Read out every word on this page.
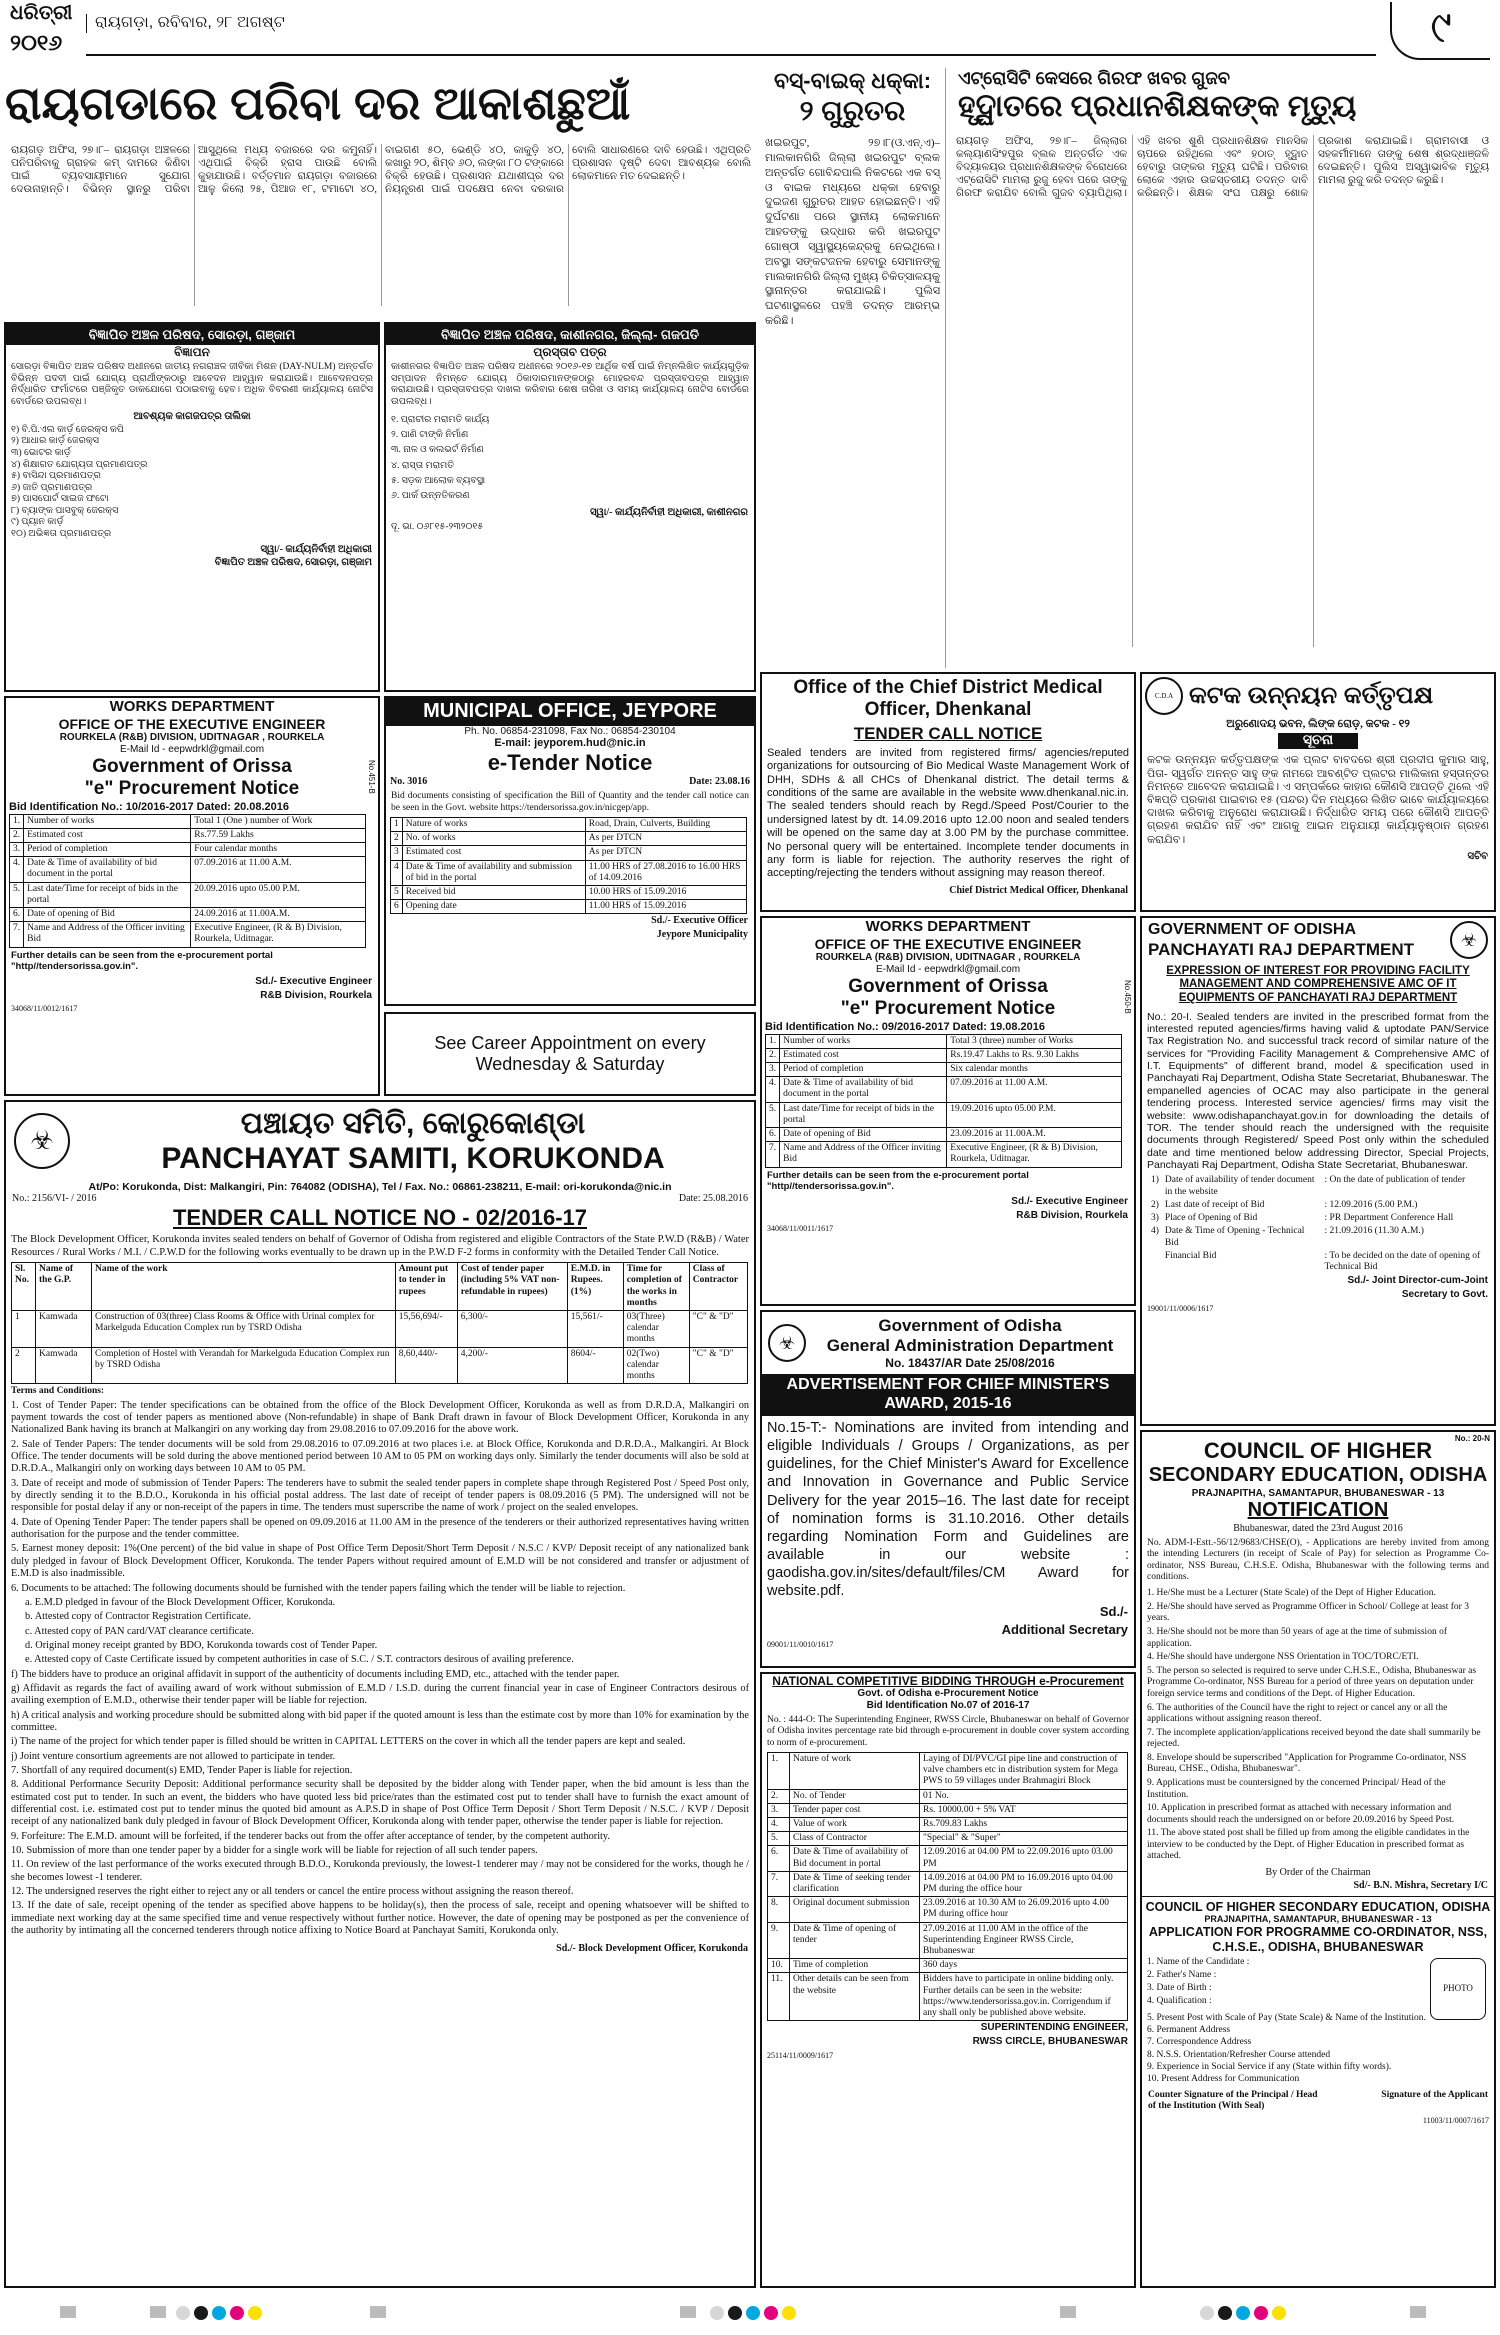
ଧରିତ୍ରୀ
୨୦୧୬
ରାୟଗଡ଼ା, ରବିବାର, ୨୮ ଅଗଷ୍ଟ	୯
ରାୟଗଡାରେ ପରିବା ଦର ଆକାଶଛୁଆଁ
ରାୟଗଡ଼ ଅଫିସ, ୨୭।୮– ରାୟଗଡ଼ା ଅଞ୍ଚଳରେ ପନିପରିବାକୁ ଗ୍ରାହକ କମ୍ ଦାମରେ କିଣିବା ପାଇଁ ବ୍ୟବସାୟୀମାନେ ସୁଯୋଗ ଦେଉନାହାନ୍ତି। ବିଭିନ୍ନ ସ୍ଥାନରୁ ପରିବା ଆସୁଥିଲେ ମଧ୍ୟ ବଜାରରେ ଦର କମୁନାହିଁ। ଏଥିପାଇଁ ବିକ୍ରି ହ୍ରାସ ପାଉଛି ବୋଲି କୁହାଯାଉଛି। ବର୍ତ୍ତମାନ ରାୟଗଡ଼ା ବଜାରରେ ଆଳୁ କିଲୋ ୨୫, ପିଆଜ ୧୮, ଟମାଟୋ ୪୦, ବାଇଗଣ ୫୦, ଭେଣ୍ଡି ୪୦, କାକୁଡ଼ି ୪୦, କଖାରୁ ୨୦, ଶିମ୍ବ ୬୦, ଲଙ୍କା ୮୦ ଟଙ୍କାରେ ବିକ୍ରି ହେଉଛି। ପ୍ରଶାସନ ଯଥାଶୀଘ୍ର ଦର ନିୟନ୍ତ୍ରଣ ପାଇଁ ପଦକ୍ଷେପ ନେବା ଦରକାର ବୋଲି ସାଧାରଣରେ ଦାବି ହେଉଛି। ଏଥିପ୍ରତି ପ୍ରଶାସନ ଦୃଷ୍ଟି ଦେବା ଆବଶ୍ୟକ ବୋଲି ଲୋକମାନେ ମତ ଦେଇଛନ୍ତି।
ବସ୍-ବାଇକ୍ ଧକ୍କା:
୨ ଗୁରୁତର
ଖଇରପୁଟ, ୨୭।୮(ଓ.ଏନ୍.ଏ)– ମାଲକାନଗିରି ଜିଲ୍ଲା ଖଇରପୁଟ ବ୍ଲକ ଅନ୍ତର୍ଗତ ଗୋବିନ୍ଦପାଲି ନିକଟରେ ଏକ ବସ୍ ଓ ବାଇକ ମଧ୍ୟରେ ଧକ୍କା ହେବାରୁ ଦୁଇଜଣ ଗୁରୁତର ଆହତ ହୋଇଛନ୍ତି। ଏହି ଦୁର୍ଘଟଣା ପରେ ସ୍ଥାନୀୟ ଲୋକମାନେ ଆହତଙ୍କୁ ଉଦ୍ଧାର କରି ଖଇରପୁଟ ଗୋଷ୍ଠୀ ସ୍ୱାସ୍ଥ୍ୟକେନ୍ଦ୍ରକୁ ନେଇଥିଲେ। ଅବସ୍ଥା ସଙ୍କଟଜନକ ହେବାରୁ ସେମାନଙ୍କୁ ମାଲକାନଗିରି ଜିଲ୍ଲା ମୁଖ୍ୟ ଚିକିତ୍ସାଳୟକୁ ସ୍ଥାନାନ୍ତର କରାଯାଇଛି। ପୁଲିସ ଘଟଣାସ୍ଥଳରେ ପହଞ୍ଚି ତଦନ୍ତ ଆରମ୍ଭ କରିଛି।
ଏଟ୍ରୋସିଟି କେସରେ ଗିରଫ ଖବର ଗୁଜବ
ହୃଦ୍ଘାତରେ ପ୍ରଧାନଶିକ୍ଷକଙ୍କ ମୃତ୍ୟୁ
ରାୟଗଡ଼ ଅଫିସ, ୨୭।୮– ଜିଲ୍ଲାର କଲ୍ୟାଣସିଂହପୁର ବ୍ଲକ ଅନ୍ତର୍ଗତ ଏକ ବିଦ୍ୟାଳୟର ପ୍ରଧାନଶିକ୍ଷକଙ୍କ ବିରୋଧରେ ଏଟ୍ରୋସିଟି ମାମଲା ରୁଜୁ ହେବା ପରେ ତାଙ୍କୁ ଗିରଫ କରାଯିବ ବୋଲି ଗୁଜବ ବ୍ୟାପିଥିଲା। ଏହି ଖବର ଶୁଣି ପ୍ରଧାନଶିକ୍ଷକ ମାନସିକ ଚାପରେ ରହିଥିଲେ ଏବଂ ହଠାତ୍ ହୃଦ୍ଘାତ ହେବାରୁ ତାଙ୍କର ମୃତ୍ୟୁ ଘଟିଛି। ପରିବାର ଲୋକେ ଏହାର ଉଚ୍ଚସ୍ତରୀୟ ତଦନ୍ତ ଦାବି କରିଛନ୍ତି। ଶିକ୍ଷକ ସଂଘ ପକ୍ଷରୁ ଶୋକ ପ୍ରକାଶ କରାଯାଇଛି। ଗ୍ରାମବାସୀ ଓ ସହକର୍ମୀମାନେ ତାଙ୍କୁ ଶେଷ ଶ୍ରଦ୍ଧାଞ୍ଜଳି ଦେଇଛନ୍ତି। ପୁଲିସ ଅସ୍ୱାଭାବିକ ମୃତ୍ୟୁ ମାମଲା ରୁଜୁ କରି ତଦନ୍ତ କରୁଛି।
ବିଜ୍ଞାପିତ ଅଞ୍ଚଳ ପରିଷଦ, ସୋରଡ଼ା, ଗଞ୍ଜାମ
ବିଜ୍ଞାପନ
ସୋରଡ଼ା ବିଜ୍ଞାପିତ ଅଞ୍ଚଳ ପରିଷଦ ଅଧୀନରେ ଜାତୀୟ ନଗରାଞ୍ଚଳ ଜୀବିକା ମିଶନ (DAY-NULM) ଅନ୍ତର୍ଗତ ବିଭିନ୍ନ ପଦବୀ ପାଇଁ ଯୋଗ୍ୟ ପ୍ରାର୍ଥୀଙ୍କଠାରୁ ଆବେଦନ ଆହ୍ୱାନ କରାଯାଉଛି। ଆବେଦନପତ୍ର ନିର୍ଦ୍ଧାରିତ ଫର୍ମାଟରେ ପଞ୍ଜିକୃତ ଡାକଯୋଗେ ପଠାଇବାକୁ ହେବ। ଅଧିକ ବିବରଣୀ କାର୍ଯ୍ୟାଳୟ ନୋଟିସ ବୋର୍ଡରେ ଉପଲବ୍ଧ।
ଆବଶ୍ୟକ କାଗଜପତ୍ର ତାଲିକା
୧) ବି.ପି.ଏଲ କାର୍ଡ଼ ଜେରକ୍ସ କପି
୨) ଆଧାର କାର୍ଡ଼ ଜେରକ୍ସ
୩) ଭୋଟର କାର୍ଡ଼
୪) ଶିକ୍ଷାଗତ ଯୋଗ୍ୟତା ପ୍ରମାଣପତ୍ର
୫) ବାସିନ୍ଦା ପ୍ରମାଣପତ୍ର
୬) ଜାତି ପ୍ରମାଣପତ୍ର
୭) ପାସପୋର୍ଟ ସାଇଜ ଫଟୋ
୮) ବ୍ୟାଙ୍କ ପାସବୁକ୍ ଜେରକ୍ସ
୯) ପ୍ୟାନ କାର୍ଡ଼
୧୦) ଅଭିଜ୍ଞତା ପ୍ରମାଣପତ୍ର
ସ୍ୱା/- କାର୍ଯ୍ୟନିର୍ବାହୀ ଅଧିକାରୀ
ବିଜ୍ଞାପିତ ଅଞ୍ଚଳ ପରିଷଦ, ସୋରଡ଼ା, ଗଞ୍ଜାମ
ବିଜ୍ଞାପିତ ଅଞ୍ଚଳ ପରିଷଦ, କାଶୀନଗର, ଜିଲ୍ଲା- ଗଜପତି
ପ୍ରସ୍ତାବ ପତ୍ର
କାଶୀନଗର ବିଜ୍ଞାପିତ ଅଞ୍ଚଳ ପରିଷଦ ଅଧୀନରେ ୨୦୧୬-୧୭ ଆର୍ଥିକ ବର୍ଷ ପାଇଁ ନିମ୍ନଲିଖିତ କାର୍ଯ୍ୟଗୁଡ଼ିକ ସମ୍ପାଦନ ନିମନ୍ତେ ଯୋଗ୍ୟ ଠିକାଦାରମାନଙ୍କଠାରୁ ମୋହରବନ୍ଦ ପ୍ରସ୍ତାବପତ୍ର ଆହ୍ୱାନ କରାଯାଉଛି। ପ୍ରସ୍ତାବପତ୍ର ଦାଖଲ କରିବାର ଶେଷ ତାରିଖ ଓ ସମୟ କାର୍ଯ୍ୟାଳୟ ନୋଟିସ ବୋର୍ଡରେ ଉପଲବ୍ଧ।
୧. ପ୍ରାଚୀର ମରାମତି କାର୍ଯ୍ୟ
୨. ପାଣି ଟାଙ୍କି ନିର୍ମାଣ
୩. ନାଳ ଓ କଲଭର୍ଟ ନିର୍ମାଣ
୪. ରାସ୍ତା ମରାମତି
୫. ସଡ଼କ ଆଲୋକ ବ୍ୟବସ୍ଥା
୬. ପାର୍କ ଉନ୍ନତିକରଣ
ସ୍ୱା/- କାର୍ଯ୍ୟନିର୍ବାହୀ ଅଧିକାରୀ, କାଶୀନଗର
ଦୂ. ଭା. ୦୬୮୧୫-୨୩୨୦୧୫
Office of the Chief District Medical Officer, Dhenkanal
TENDER CALL NOTICE
Sealed tenders are invited from registered firms/ agencies/reputed organizations for outsourcing of Bio Medical Waste Management Work of DHH, SDHs & all CHCs of Dhenkanal district. The detail terms & conditions of the same are available in the website www.dhenkanal.nic.in. The sealed tenders should reach by Regd./Speed Post/Courier to the undersigned latest by dt. 14.09.2016 upto 12.00 noon and sealed tenders will be opened on the same day at 3.00 PM by the purchase committee. No personal query will be entertained. Incomplete tender documents in any form is liable for rejection. The authority reserves the right of accepting/rejecting the tenders without assigning may reason thereof.
Chief District Medical Officer, Dhenkanal
C.D.A କଟକ ଉନ୍ନୟନ କର୍ତ୍ତୃପକ୍ଷ
ଅରୁଣୋଦୟ ଭବନ, ଲିଙ୍କ ରୋଡ଼, କଟକ - ୧୨
ସୂଚନା
କଟକ ଉନ୍ନୟନ କର୍ତ୍ତୃପକ୍ଷଙ୍କ ଏକ ପ୍ଲଟ ବାବଦରେ ଶ୍ରୀ ପ୍ରଦୀପ କୁମାର ସାହୁ, ପିତା- ସ୍ୱର୍ଗତ ଅନନ୍ତ ସାହୁ ଙ୍କ ନାମରେ ଆବଣ୍ଟିତ ପ୍ଲଟର ମାଲିକାନା ହସ୍ତାନ୍ତର ନିମନ୍ତେ ଆବେଦନ କରାଯାଇଛି। ଏ ସମ୍ପର୍କରେ କାହାର କୌଣସି ଆପତ୍ତି ଥିଲେ ଏହି ବିଜ୍ଞପ୍ତି ପ୍ରକାଶ ପାଇବାର ୧୫ (ପନ୍ଦର) ଦିନ ମଧ୍ୟରେ ଲିଖିତ ଭାବେ କାର୍ଯ୍ୟାଳୟରେ ଦାଖଲ କରିବାକୁ ଅନୁରୋଧ କରାଯାଉଛି। ନିର୍ଦ୍ଧାରିତ ସମୟ ପରେ କୌଣସି ଆପତ୍ତି ଗ୍ରହଣ କରାଯିବ ନାହିଁ ଏବଂ ଆଗକୁ ଆଇନ ଅନୁଯାୟୀ କାର୍ଯ୍ୟାନୁଷ୍ଠାନ ଗ୍ରହଣ କରାଯିବ।
ସଚିବ
WORKS DEPARTMENT
OFFICE OF THE EXECUTIVE ENGINEER
ROURKELA (R&B) DIVISION, UDITNAGAR , ROURKELA
E-Mail Id - eepwdrkl@gmail.com
Government of Orissa
"e" Procurement Notice
Bid Identification No.: 10/2016-2017 Dated: 20.08.2016
No.451-B
1.	Number of works	Total 1 (One ) number of Work
2.	Estimated cost	Rs.77.59 Lakhs
3.	Period of completion	Four calendar months
4.	Date & Time of availability of bid document in the portal	07.09.2016 at 11.00 A.M.
5.	Last date/Time for receipt of bids in the portal	20.09.2016 upto 05.00 P.M.
6.	Date of opening of Bid	24.09.2016 at 11.00A.M.
7.	Name and Address of the Officer inviting Bid	Executive Engineer, (R & B) Division, Rourkela, Uditnagar.
Further details can be seen from the e-procurement portal "http//tendersorissa.gov.in".
Sd./- Executive Engineer
R&B Division, Rourkela
34068/11/0012/1617
MUNICIPAL OFFICE, JEYPORE
Ph. No. 06854-231098, Fax No.: 06854-230104
E-mail: jeyporem.hud@nic.in
e-Tender Notice
No. 3016	Date: 23.08.16
Bid documents consisting of specification the Bill of Quantity and the tender call notice can be seen in the Govt. website https://tendersorissa.gov.in/nicgep/app.
1	Nature of works	Road, Drain, Culverts, Building
2	No. of works	As per DTCN
3	Estimated cost	As per DTCN
4	Date & Time of availability and submission of bid in the portal	11.00 HRS of 27.08.2016 to 16.00 HRS of 14.09.2016
5	Received bid	10.00 HRS of 15.09.2016
6	Opening date	11.00 HRS of 15.09.2016
Sd./- Executive Officer
Jeypore Municipality
See Career Appointment on every
Wednesday & Saturday
WORKS DEPARTMENT
OFFICE OF THE EXECUTIVE ENGINEER
ROURKELA (R&B) DIVISION, UDITNAGAR , ROURKELA
E-Mail Id - eepwdrkl@gmail.com
Government of Orissa
"e" Procurement Notice
Bid Identification No.: 09/2016-2017 Dated: 19.08.2016
No.450-B
1.	Number of works	Total 3 (three) number of Works
2.	Estimated cost	Rs.19.47 Lakhs to Rs. 9.30 Lakhs
3.	Period of completion	Six calendar months
4.	Date & Time of availability of bid document in the portal	07.09.2016 at 11.00 A.M.
5.	Last date/Time for receipt of bids in the portal	19.09.2016 upto 05.00 P.M.
6.	Date of opening of Bid	23.09.2016 at 11.00A.M.
7.	Name and Address of the Officer inviting Bid	Executive Engineer, (R & B) Division, Rourkela, Uditnagar.
Further details can be seen from the e-procurement portal "http//tendersorissa.gov.in".
Sd./- Executive Engineer
R&B Division, Rourkela
34068/11/0011/1617
GOVERNMENT OF ODISHA
PANCHAYATI RAJ DEPARTMENT	☣
EXPRESSION OF INTEREST FOR PROVIDING FACILITY MANAGEMENT AND COMPREHENSIVE AMC OF IT EQUIPMENTS OF PANCHAYATI RAJ DEPARTMENT
No.: 20-I. Sealed tenders are invited in the prescribed format from the interested reputed agencies/firms having valid & uptodate PAN/Service Tax Registration No. and successful track record of similar nature of the services for "Providing Facility Management & Comprehensive AMC of I.T. Equipments" of different brand, model & specification used in Panchayati Raj Department, Odisha State Secretariat, Bhubaneswar. The empanelled agencies of OCAC may also participate in the general tendering process. Interested service agencies/ firms may visit the website: www.odishapanchayat.gov.in for downloading the details of TOR. The tender should reach the undersigned with the requisite documents through Registered/ Speed Post only within the scheduled date and time mentioned below addressing Director, Special Projects, Panchayati Raj Department, Odisha State Secretariat, Bhubaneswar.
1)	Date of availability of tender document in the website	: On the date of publication of tender
2)	Last date of receipt of Bid	: 12.09.2016 (5.00 P.M.)
3)	Place of Opening of Bid	: PR Department Conference Hall
4)	Date & Time of Opening - Technical Bid	: 21.09.2016 (11.30 A.M.)
	Financial Bid	: To be decided on the date of opening of Technical Bid
Sd./- Joint Director-cum-Joint
Secretary to Govt.
19001/11/0006/1617
☣
ପଞ୍ଚାୟତ ସମିତି, କୋରୁକୋଣ୍ଡା
PANCHAYAT SAMITI, KORUKONDA
At/Po: Korukonda, Dist: Malkangiri, Pin: 764082 (ODISHA), Tel / Fax. No.: 06861-238211, E-mail: ori-korukonda@nic.in
No.: 2156/VI- / 2016	Date: 25.08.2016
TENDER CALL NOTICE NO - 02/2016-17
The Block Development Officer, Korukonda invites sealed tenders on behalf of Governor of Odisha from registered and eligible Contractors of the State P.W.D (R&B) / Water Resources / Rural Works / M.I. / C.P.W.D for the following works eventually to be drawn up in the P.W.D F-2 forms in conformity with the Detailed Tender Call Notice.
Sl. No.	Name of the G.P.	Name of the work	Amount put to tender in rupees	Cost of tender paper (including 5% VAT non-refundable in rupees)	E.M.D. in Rupees. (1%)	Time for completion of the works in months	Class of Contractor
1	Kamwada	Construction of 03(three) Class Rooms & Office with Urinal complex for Markelguda Education Complex run by TSRD Odisha	15,56,694/-	6,300/-	15,561/-	03(Three) calendar months	"C" & "D"
2	Kamwada	Completion of Hostel with Verandah for Markelguda Education Complex run by TSRD Odisha	8,60,440/-	4,200/-	8604/-	02(Two) calendar months	"C" & "D"
Terms and Conditions:

1. Cost of Tender Paper: The tender specifications can be obtained from the office of the Block Development Officer, Korukonda as well as from D.R.D.A, Malkangiri on payment towards the cost of tender papers as mentioned above (Non-refundable) in shape of Bank Draft drawn in favour of Block Development Officer, Korukonda in any Nationalized Bank having its branch at Malkangiri on any working day from 29.08.2016 to 07.09.2016 for the above work.

2. Sale of Tender Papers: The tender documents will be sold from 29.08.2016 to 07.09.2016 at two places i.e. at Block Office, Korukonda and D.R.D.A., Malkangiri. At Block Office. The tender documents will be sold during the above mentioned period between 10 AM to 05 PM on working days only. Similarly the tender documents will also be sold at D.R.D.A., Malkangiri only on working days between 10 AM to 05 PM.

3. Date of receipt and mode of submission of Tender Papers: The tenderers have to submit the sealed tender papers in complete shape through Registered Post / Speed Post only, by directly sending it to the B.D.O., Korukonda in his official postal address. The last date of receipt of tender papers is 08.09.2016 (5 PM). The undersigned will not be responsible for postal delay if any or non-receipt of the papers in time. The tenders must superscribe the name of work / project on the sealed envelopes.

4. Date of Opening Tender Paper: The tender papers shall be opened on 09.09.2016 at 11.00 AM in the presence of the tenderers or their authorized representatives having written authorisation for the purpose and the tender committee.

5. Earnest money deposit: 1%(One percent) of the bid value in shape of Post Office Term Deposit/Short Term Deposit / N.S.C / KVP/ Deposit receipt of any nationalized bank duly pledged in favour of Block Development Officer, Korukonda. The tender Papers without required amount of E.M.D will be not considered and transfer or adjustment of E.M.D is also inadmissible.

6. Documents to be attached: The following documents should be furnished with the tender papers failing which the tender will be liable to rejection.

a. E.M.D pledged in favour of the Block Development Officer, Korukonda.

b. Attested copy of Contractor Registration Certificate.

c. Attested copy of PAN card/VAT clearance certificate.

d. Original money receipt granted by BDO, Korukonda towards cost of Tender Paper.

e. Attested copy of Caste Certificate issued by competent authorities in case of S.C. / S.T. contractors desirous of availing preference.

f) The bidders have to produce an original affidavit in support of the authenticity of documents including EMD, etc., attached with the tender paper.

g) Affidavit as regards the fact of availing award of work without submission of E.M.D / I.S.D. during the current financial year in case of Engineer Contractors desirous of availing exemption of E.M.D., otherwise their tender paper will be liable for rejection.

h) A critical analysis and working procedure should be submitted along with bid paper if the quoted amount is less than the estimate cost by more than 10% for examination by the committee.

i) The name of the project for which tender paper is filled should be written in CAPITAL LETTERS on the cover in which all the tender papers are kept and sealed.

j) Joint venture consortium agreements are not allowed to participate in tender.

7. Shortfall of any required document(s) EMD, Tender Paper is liable for rejection.

8. Additional Performance Security Deposit: Additional performance security shall be deposited by the bidder along with Tender paper, when the bid amount is less than the estimated cost put to tender. In such an event, the bidders who have quoted less bid price/rates than the estimated cost put to tender shall have to furnish the exact amount of differential cost. i.e. estimated cost put to tender minus the quoted bid amount as A.P.S.D in shape of Post Office Term Deposit / Short Term Deposit / N.S.C. / KVP / Deposit receipt of any nationalized bank duly pledged in favour of Block Development Officer, Korukonda along with tender paper, otherwise the tender paper is liable for rejection.

9. Forfeiture: The E.M.D. amount will be forfeited, if the tenderer backs out from the offer after acceptance of tender, by the competent authority.

10. Submission of more than one tender paper by a bidder for a single work will be liable for rejection of all such tender papers.

11. On review of the last performance of the works executed through B.D.O., Korukonda previously, the lowest-1 tenderer may / may not be considered for the works, though he / she becomes lowest -1 tenderer.

12. The undersigned reserves the right either to reject any or all tenders or cancel the entire process without assigning the reason thereof.

13. If the date of sale, receipt opening of the tender as specified above happens to be holiday(s), then the process of sale, receipt and opening whatsoever will be shifted to immediate next working day at the same specified time and venue respectively without further notice. However, the date of opening may be postponed as per the convenience of the authority by intimating all the concerned tenderers through notice affixing to Notice Board at Panchayat Samiti, Korukonda only.

Sd./- Block Development Officer, Korukonda
☣
Government of Odisha
General Administration Department
No. 18437/AR Date 25/08/2016
ADVERTISEMENT FOR CHIEF MINISTER'S AWARD, 2015-16
No.15-T:- Nominations are invited from intending and eligible Individuals / Groups / Organizations, as per guidelines, for the Chief Minister's Award for Excellence and Innovation in Governance and Public Service Delivery for the year 2015–16. The last date for receipt of nomination forms is 31.10.2016. Other details regarding Nomination Form and Guidelines are available in our website : gaodisha.gov.in/sites/default/files/CM Award for website.pdf.
Sd./-
Additional Secretary
09001/11/0010/1617
NATIONAL COMPETITIVE BIDDING THROUGH e-Procurement
Govt. of Odisha e-Procurement Notice
Bid Identification No.07 of 2016-17
No. : 444-O: The Superintending Engineer, RWSS Circle, Bhubaneswar on behalf of Governor of Odisha invites percentage rate bid through e-procurement in double cover system according to norm of e-procurement.
1.	Nature of work	Laying of DI/PVC/GI pipe line and construction of valve chambers etc in distribution system for Mega PWS to 59 villages under Brahmagiri Block
2.	No. of Tender	01 No.
3.	Tender paper cost	Rs. 10000.00 + 5% VAT
4.	Value of work	Rs.709.83 Lakhs
5.	Class of Contractor	"Special" & "Super"
6.	Date & Time of availability of Bid document in portal	12.09.2016 at 04.00 PM to 22.09.2016 upto 03.00 PM
7.	Date & Time of seeking tender clarification	14.09.2016 at 04.00 PM to 16.09.2016 upto 04.00 PM during the office hour
8.	Original document submission	23.09.2016 at 10.30 AM to 26.09.2016 upto 4.00 PM during office hour
9.	Date & Time of opening of tender	27.09.2016 at 11.00 AM in the office of the Superintending Engineer RWSS Circle, Bhubaneswar
10.	Time of completion	360 days
11.	Other details can be seen from the website	Bidders have to participate in online bidding only. Further details can be seen in the website: https://www.tendersorissa.gov.in. Corrigendum if any shall only be published above website.
SUPERINTENDING ENGINEER,
RWSS CIRCLE, BHUBANESWAR
25114/11/0009/1617
No.: 20-N
COUNCIL OF HIGHER
SECONDARY EDUCATION, ODISHA
PRAJNAPITHA, SAMANTAPUR, BHUBANESWAR - 13
NOTIFICATION
Bhubaneswar, dated the 23rd August 2016
No. ADM-I-Estt.-56/12/9683/CHSE(O), - Applications are hereby invited from among the intending Lecturers (in receipt of Scale of Pay) for selection as Programme Co-ordinator, NSS Bureau, C.H.S.E. Odisha, Bhubaneswar with the following terms and conditions.

1. He/She must be a Lecturer (State Scale) of the Dept of Higher Education.

2. He/She should have served as Programme Officer in School/ College at least for 3 years.

3. He/She should not be more than 50 years of age at the time of submission of application.

4. He/She should have undergone NSS Orientation in TOC/TORC/ETI.

5. The person so selected is required to serve under C.H.S.E., Odisha, Bhubaneswar as Programme Co-ordinator, NSS Bureau for a period of three years on deputation under foreign service terms and conditions of the Dept. of Higher Education.

6. The authorities of the Council have the right to reject or cancel any or all the applications without assigning reason thereof.

7. The incomplete application/applications received beyond the date shall summarily be rejected.

8. Envelope should be superscribed "Application for Programme Co-ordinator, NSS Bureau, CHSE., Odisha, Bhubaneswar".

9. Applications must be countersigned by the concerned Principal/ Head of the Institution.

10. Application in prescribed format as attached with necessary information and documents should reach the undersigned on or before 20.09.2016 by Speed Post.

11. The above stated post shall be filled up from among the eligible candidates in the interview to be conducted by the Dept. of Higher Education in prescribed format as attached.

By Order of the Chairman
Sd/- B.N. Mishra, Secretary I/C
COUNCIL OF HIGHER SECONDARY EDUCATION, ODISHA
PRAJNAPITHA, SAMANTAPUR, BHUBANESWAR - 13
APPLICATION FOR PROGRAMME CO-ORDINATOR, NSS, C.H.S.E., ODISHA, BHUBANESWAR
PHOTO
1. Name of the Candidate :
2. Father's Name :
3. Date of Birth :
4. Qualification :
5. Present Post with Scale of Pay (State Scale) & Name of the Institution.
6. Permanent Address
7. Correspondence Address
8. N.S.S. Orientation/Refresher Course attended
9. Experience in Social Service if any (State within fifty words).
10. Present Address for Communication
Counter Signature of the Principal / Head of the Institution (With Seal)
Signature of the Applicant
11003/11/0007/1617
